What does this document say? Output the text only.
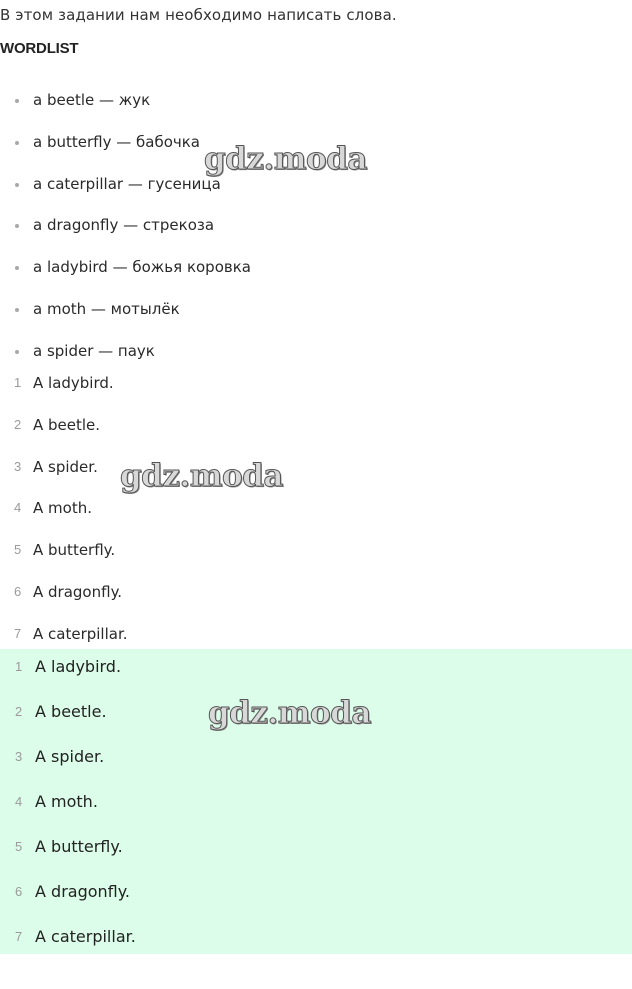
В этом задании нам необходимо написать слова.
WORDLIST
a beetle — жук
a butterfly — бабочка
a caterpillar — гусеница
a dragonfly — стрекоза
a ladybird — божья коровка
a moth — мотылёк
a spider — паук
1 A ladybird.
2 A beetle.
3 A spider.
4 A moth.
5 A butterfly.
6 A dragonfly.
7 A caterpillar.
1 A ladybird.
2 A beetle.
3 A spider.
4 A moth.
5 A butterfly.
6 A dragonfly.
7 A caterpillar.
gdz.moda
gdz.moda
gdz.moda
